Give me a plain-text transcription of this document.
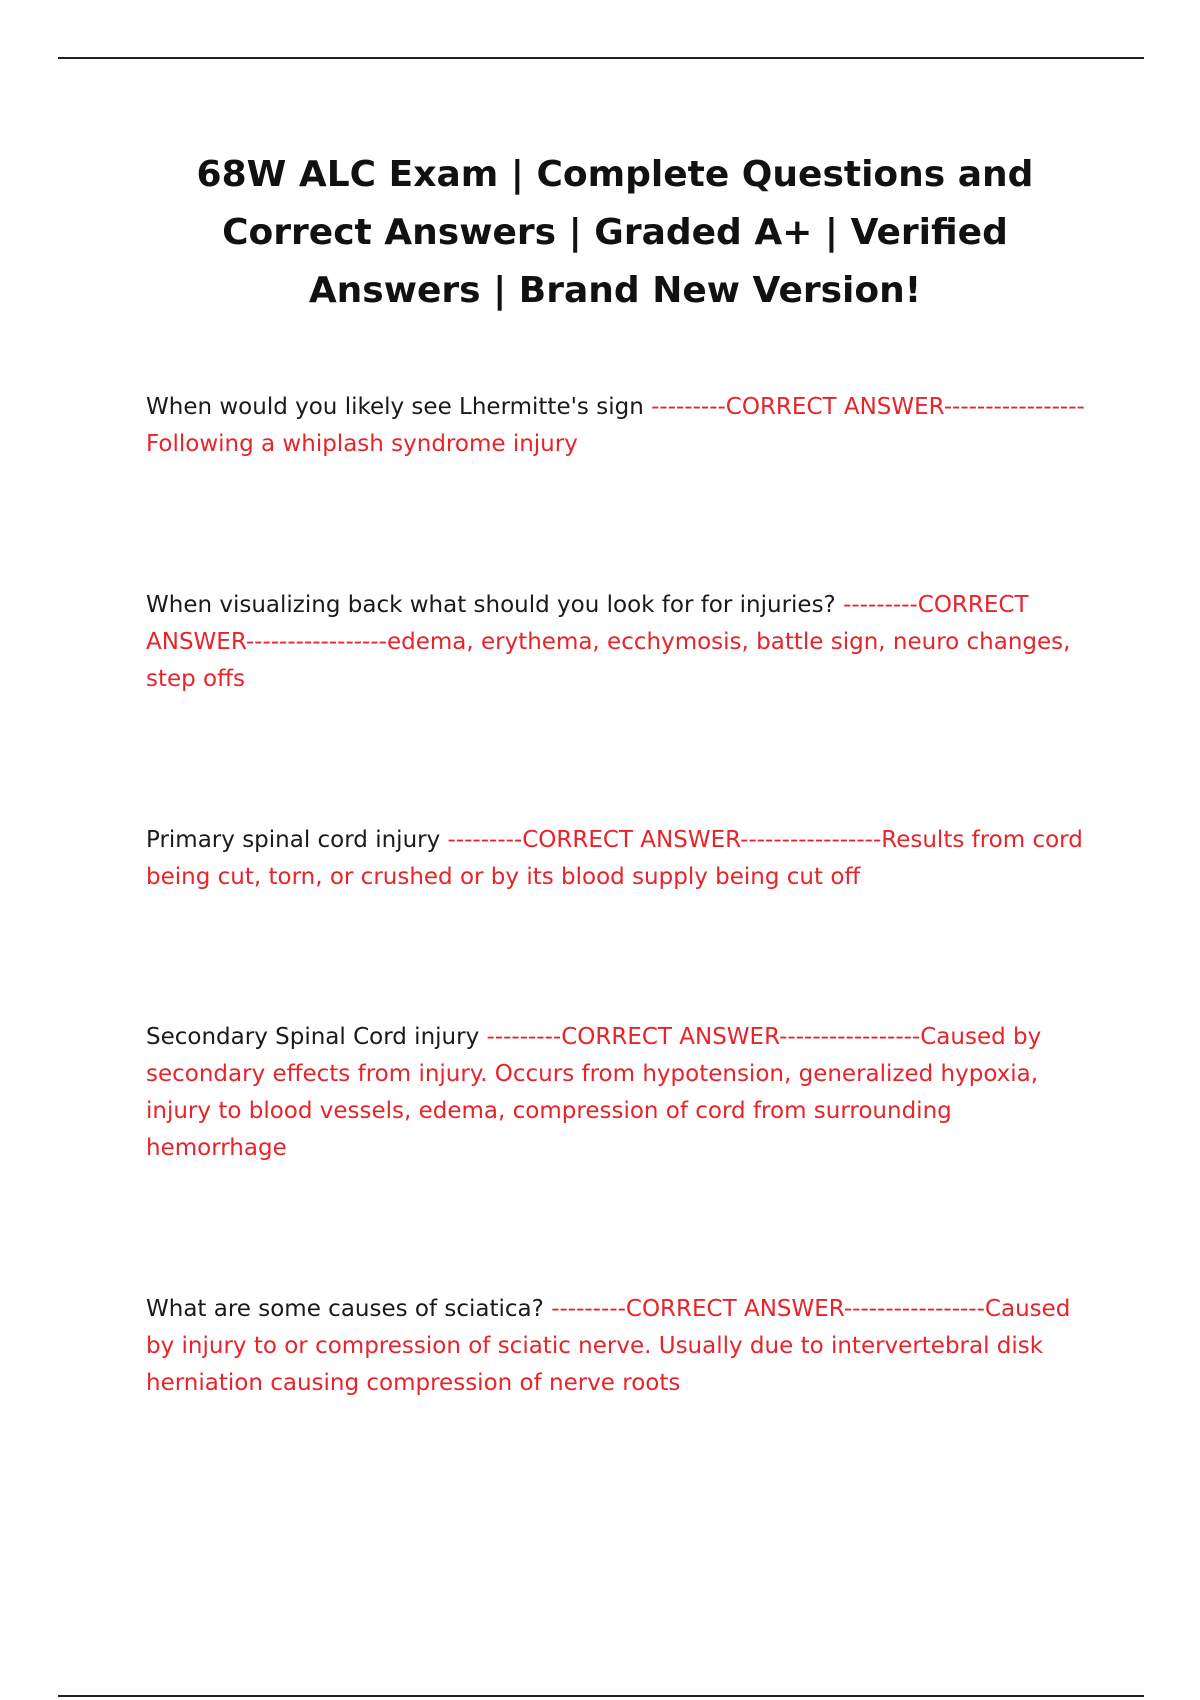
68W ALC Exam | Complete Questions and Correct Answers | Graded A+ | Verified Answers | Brand New Version!

When would you likely see Lhermitte's sign ---------CORRECT ANSWER-----------------Following a whiplash syndrome injury

When visualizing back what should you look for for injuries? ---------CORRECT ANSWER-----------------edema, erythema, ecchymosis, battle sign, neuro changes, step offs

Primary spinal cord injury ---------CORRECT ANSWER-----------------Results from cord being cut, torn, or crushed or by its blood supply being cut off

Secondary Spinal Cord injury ---------CORRECT ANSWER-----------------Caused by secondary effects from injury. Occurs from hypotension, generalized hypoxia, injury to blood vessels, edema, compression of cord from surrounding hemorrhage

What are some causes of sciatica? ---------CORRECT ANSWER-----------------Caused by injury to or compression of sciatic nerve. Usually due to intervertebral disk herniation causing compression of nerve roots
